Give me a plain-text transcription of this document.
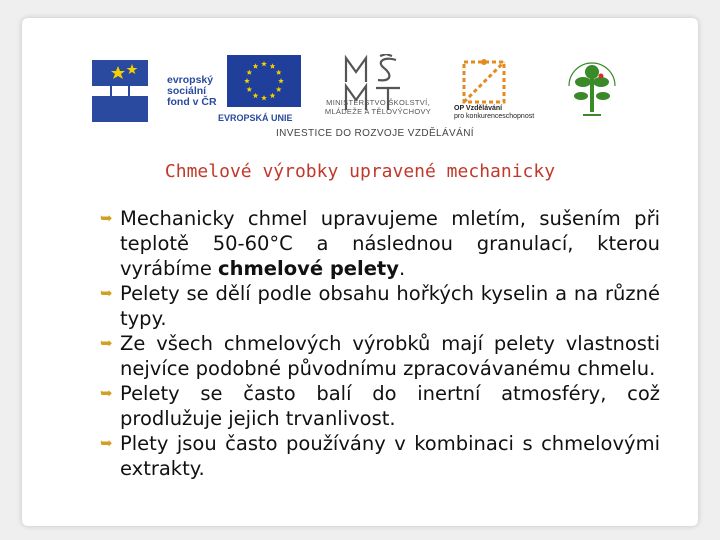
evropský
sociální
fond v ČR
EVROPSKÁ UNIE
MINISTERSTVO ŠKOLSTVÍ,
MLÁDEŽE A TĚLOVÝCHOVY	OP Vzdělávání
pro konkurenceschopnost
INVESTICE DO ROZVOJE VZDĚLÁVÁNÍ
Chmelové výrobky upravené mechanicky

➥ Mechanicky chmel upravujeme mletím, sušením při teplotě 50-60°C a následnou granulací, kterou vyrábíme chmelové pelety.

➥ Pelety se dělí podle obsahu hořkých kyselin a na různé typy.

➥ Ze všech chmelových výrobků mají pelety vlastnosti nejvíce podobné původnímu zpracovávanému chmelu.

➥ Pelety se často balí do inertní atmosféry, což prodlužuje jejich trvanlivost.

➥ Plety jsou často používány v kombinaci s chmelovými extrakty.
